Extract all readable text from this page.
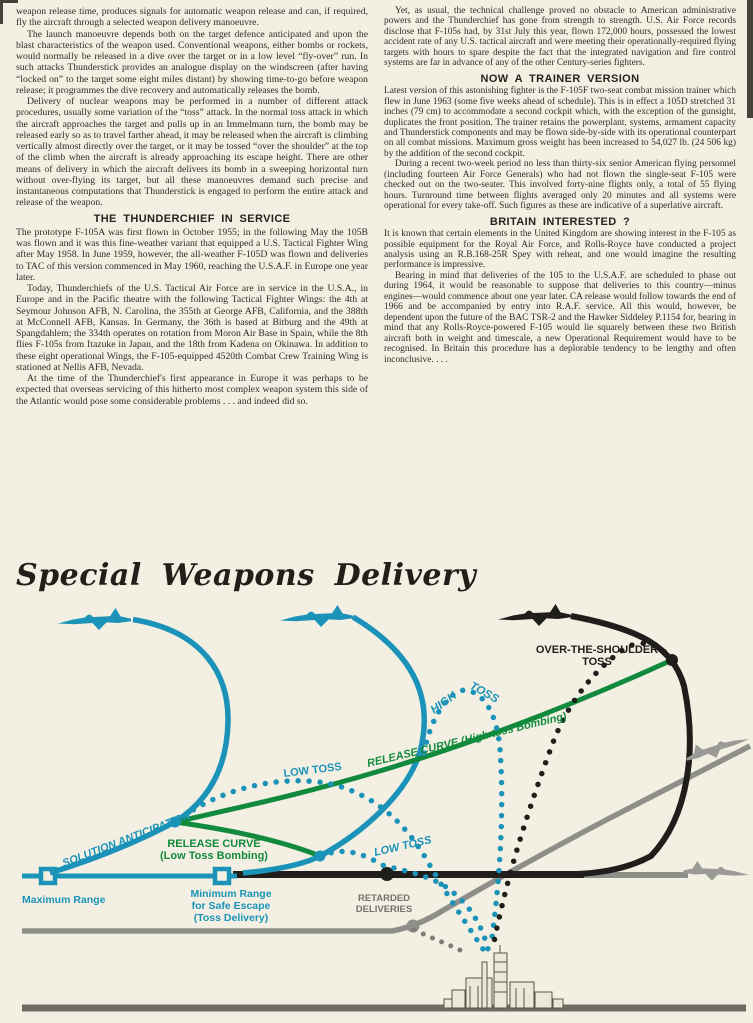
weapon release time, produces signals for automatic weapon release and can, if required, fly the aircraft through a selected weapon delivery manoeuvre.

The launch manoeuvre depends both on the target defence anticipated and upon the blast characteristics of the weapon used. Conventional weapons, either bombs or rockets, would normally be released in a dive over the target or in a low level “fly-over” run. In such attacks Thunderstick provides an analogue display on the windscreen (after having “locked on” to the target some eight miles distant) by showing time-to-go before weapon release; it programmes the dive recovery and automatically releases the bomb.

Delivery of nuclear weapons may be performed in a number of different attack procedures, usually some variation of the “toss” attack. In the normal toss attack in which the aircraft approaches the target and pulls up in an Immelmann turn, the bomb may be released early so as to travel farther ahead, it may be released when the aircraft is climbing vertically almost directly over the target, or it may be tossed “over the shoulder” at the top of the climb when the aircraft is already approaching its escape height. There are other means of delivery in which the aircraft delivers its bomb in a sweeping horizontal turn without over-flying its target, but all these manoeuvres demand such precise and instantaneous computations that Thunderstick is engaged to perform the entire attack and release of the weapon.

THE THUNDERCHIEF IN SERVICE

The prototype F-105A was first flown in October 1955; in the following May the 105B was flown and it was this fine-weather variant that equipped a U.S. Tactical Fighter Wing after May 1958. In June 1959, however, the all-weather F-105D was flown and deliveries to TAC of this version commenced in May 1960, reaching the U.S.A.F. in Europe one year later.

Today, Thunderchiefs of the U.S. Tactical Air Force are in service in the U.S.A., in Europe and in the Pacific theatre with the following Tactical Fighter Wings: the 4th at Seymour Johnson AFB, N. Carolina, the 355th at George AFB, California, and the 388th at McConnell AFB, Kansas. In Germany, the 36th is based at Bitburg and the 49th at Spangdahlem; the 334th operates on rotation from Moron Air Base in Spain, while the 8th flies F-105s from Itazuke in Japan, and the 18th from Kadena on Okinawa. In addition to these eight operational Wings, the F-105-equipped 4520th Combat Crew Training Wing is stationed at Nellis AFB, Nevada.

At the time of the Thunderchief's first appearance in Europe it was perhaps to be expected that overseas servicing of this hitherto most complex weapon system this side of the Atlantic would pose some considerable problems . . . and indeed did so.

Yet, as usual, the technical challenge proved no obstacle to American administrative powers and the Thunderchief has gone from strength to strength. U.S. Air Force records disclose that F-105s had, by 31st July this year, flown 172,000 hours, possessed the lowest accident rate of any U.S. tactical aircraft and were meeting their operationally-required flying targets with hours to spare despite the fact that the integrated navigation and fire control systems are far in advance of any of the other Century-series fighters.

NOW A TRAINER VERSION

Latest version of this astonishing fighter is the F-105F two-seat combat mission trainer which flew in June 1963 (some five weeks ahead of schedule). This is in effect a 105D stretched 31 inches (79 cm) to accommodate a second cockpit which, with the exception of the gunsight, duplicates the front position. The trainer retains the powerplant, systems, armament capacity and Thunderstick components and may be flown side-by-side with its operational counterpart on all combat missions. Maximum gross weight has been increased to 54,027 lb. (24 506 kg) by the addition of the second cockpit.

During a recent two-week period no less than thirty-six senior American flying personnel (including fourteen Air Force Generals) who had not flown the single-seat F-105 were checked out on the two-seater. This involved forty-nine flights only, a total of 55 flying hours. Turnround time between flights averaged only 20 minutes and all systems were operational for every take-off. Such figures as these are indicative of a superlative aircraft.

BRITAIN INTERESTED ?

It is known that certain elements in the United Kingdom are showing interest in the F-105 as possible equipment for the Royal Air Force, and Rolls-Royce have conducted a project analysis using an R.B.168-25R Spey with reheat, and one would imagine the resulting performance is impressive.

Bearing in mind that deliveries of the 105 to the U.S.A.F. are scheduled to phase out during 1964, it would be reasonable to suppose that deliveries to this country—minus engines—would commence about one year later. CA release would follow towards the end of 1966 and be accompanied by entry into R.A.F. service. All this would, however, be dependent upon the future of the BAC TSR-2 and the Hawker Siddeley P.1154 for, bearing in mind that any Rolls-Royce-powered F-105 would lie squarely between these two British aircraft both in weight and timescale, a new Operational Requirement would have to be recognised. In Britain this procedure has a deplorable tendency to be lengthy and often inconclusive. . . .

Special Weapons Delivery
SOLUTION ANTICIPATION
Maximum Range	Minimum Range
for Safe Escape
(Toss Delivery)
RELEASE CURVE
(Low Toss Bombing)
LOW TOSS
LOW TOSS
HIGH TOSS
RELEASE CURVE (High toss Bombing)
OVER-THE-SHOULDER
TOSS
RETARDED
DELIVERIES
